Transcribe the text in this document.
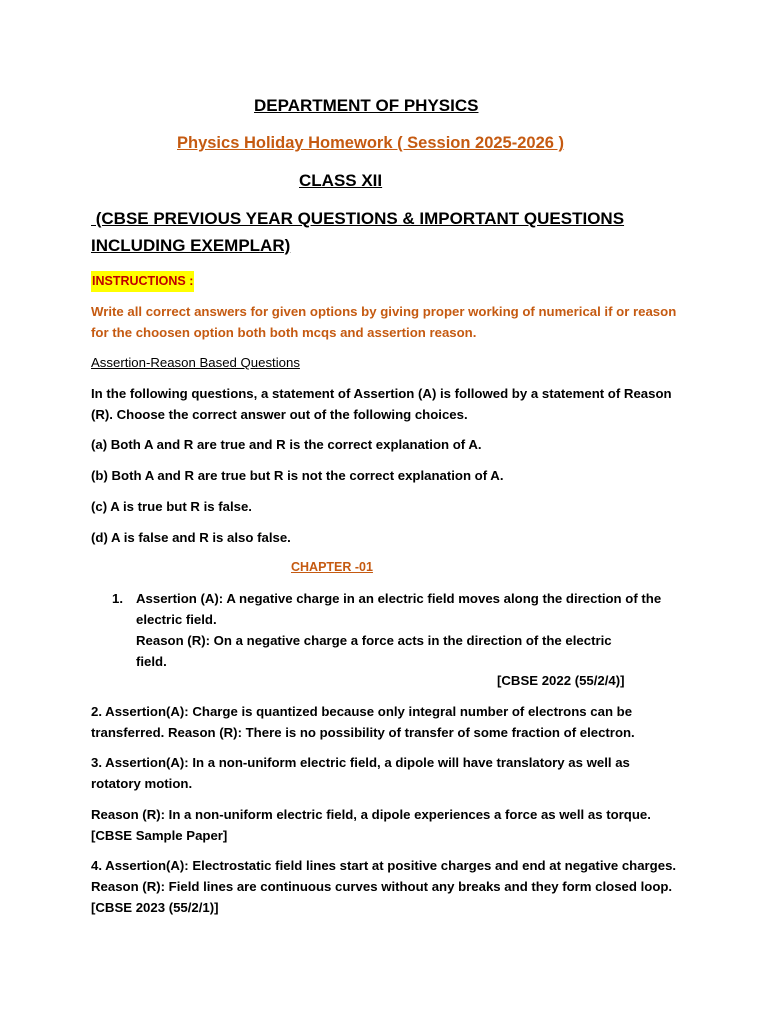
DEPARTMENT OF PHYSICS
Physics Holiday Homework ( Session 2025-2026 )
CLASS XII
(CBSE PREVIOUS YEAR QUESTIONS & IMPORTANT QUESTIONS
INCLUDING EXEMPLAR)
INSTRUCTIONS :
Write all correct answers for given options by giving proper working of numerical if or reason
for the choosen option both both mcqs and assertion reason.
Assertion-Reason Based Questions
In the following questions, a statement of Assertion (A) is followed by a statement of Reason
(R). Choose the correct answer out of the following choices.
(a) Both A and R are true and R is the correct explanation of A.
(b) Both A and R are true but R is not the correct explanation of A.
(c) A is true but R is false.
(d) A is false and R is also false.
CHAPTER -01
1. Assertion (A): A negative charge in an electric field moves along the direction of the
electric field.
Reason (R): On a negative charge a force acts in the direction of the electric
field.
[CBSE 2022 (55/2/4)]
2. Assertion(A): Charge is quantized because only integral number of electrons can be
transferred. Reason (R): There is no possibility of transfer of some fraction of electron.
3. Assertion(A): In a non-uniform electric field, a dipole will have translatory as well as
rotatory motion.
Reason (R): In a non-uniform electric field, a dipole experiences a force as well as torque.
[CBSE Sample Paper]
4. Assertion(A): Electrostatic field lines start at positive charges and end at negative charges.
Reason (R): Field lines are continuous curves without any breaks and they form closed loop.
[CBSE 2023 (55/2/1)]
